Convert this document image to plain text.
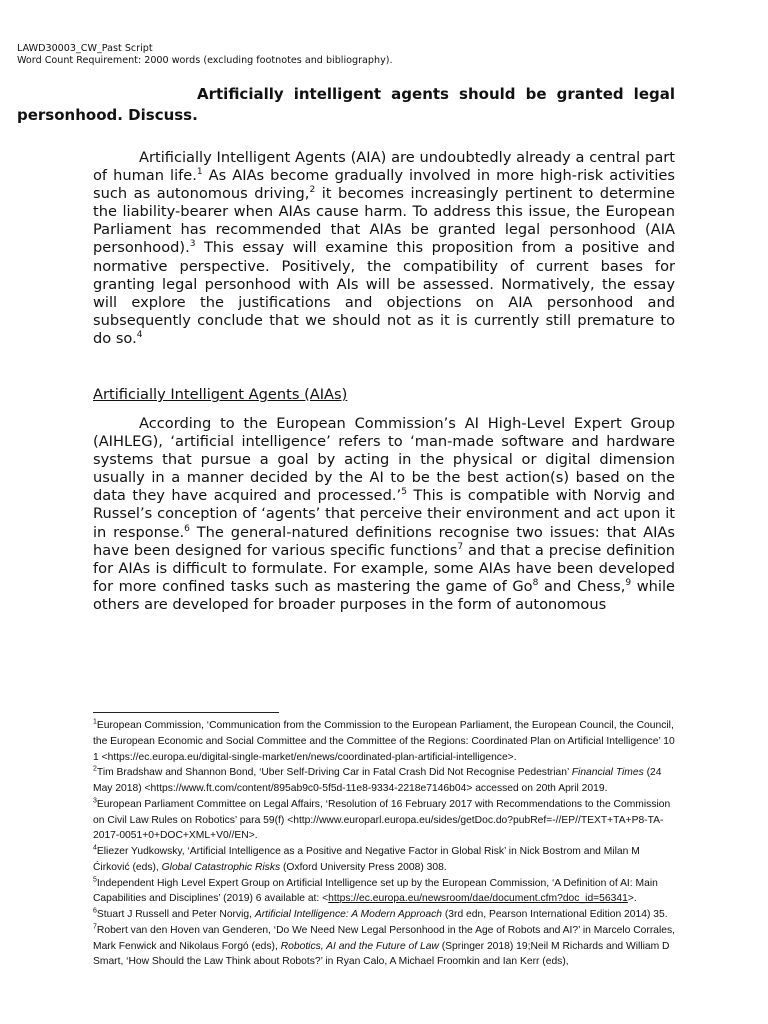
LAWD30003_CW_Past Script
Word Count Requirement: 2000 words (excluding footnotes and bibliography).
Artificially intelligent agents should be granted legal personhood. Discuss.
Artificially Intelligent Agents (AIA) are undoubtedly already a central part of human life.$^1$ As AIAs become gradually involved in more high-risk activities such as autonomous driving,$^2$ it becomes increasingly pertinent to determine the liability-bearer when AIAs cause harm. To address this issue, the European Parliament has recommended that AIAs be granted legal personhood (AIA personhood).$^3$ This essay will examine this proposition from a positive and normative perspective. Positively, the compatibility of current bases for granting legal personhood with AIs will be assessed. Normatively, the essay will explore the justifications and objections on AIA personhood and subsequently conclude that we should not as it is currently still premature to do so.$^4$
Artificially Intelligent Agents (AIAs)
According to the European Commission’s AI High-Level Expert Group (AIHLEG), ‘artificial intelligence’ refers to ‘man-made software and hardware systems that pursue a goal by acting in the physical or digital dimension usually in a manner decided by the AI to be the best action(s) based on the data they have acquired and processed.’$^5$ This is compatible with Norvig and Russel’s conception of ‘agents’ that perceive their environment and act upon it in response.$^6$ The general-natured definitions recognise two issues: that AIAs have been designed for various specific functions$^7$ and that a precise definition for AIAs is difficult to formulate. For example, some AIAs have been developed for more confined tasks such as mastering the game of Go$^8$ and Chess,$^9$ while others are developed for broader purposes in the form of autonomous

$^1$European Commission, ‘Communication from the Commission to the European Parliament, the European Council, the Council, the European Economic and Social Committee and the Committee of the Regions: Coordinated Plan on Artificial Intelligence’ 10 1 <https://ec.europa.eu/digital-single-market/en/news/coordinated-plan-artificial-intelligence>.

$^2$Tim Bradshaw and Shannon Bond, ‘Uber Self-Driving Car in Fatal Crash Did Not Recognise Pedestrian’ Financial Times (24 May 2018) <https://www.ft.com/content/895ab9c0-5f5d-11e8-9334-2218e7146b04> accessed on 20th April 2019.

$^3$European Parliament Committee on Legal Affairs, ‘Resolution of 16 February 2017 with Recommendations to the Commission on Civil Law Rules on Robotics’ para 59(f) <http://www.europarl.europa.eu/sides/getDoc.do?pubRef=-//EP//TEXT+TA+P8-TA-2017-0051+0+DOC+XML+V0//EN>.

$^4$Eliezer Yudkowsky, ‘Artificial Intelligence as a Positive and Negative Factor in Global Risk’ in Nick Bostrom and Milan M Ćirković (eds), Global Catastrophic Risks (Oxford University Press 2008) 308.

$^5$Independent High Level Expert Group on Artificial Intelligence set up by the European Commission, ‘A Definition of AI: Main Capabilities and Disciplines’ (2019) 6 available at: <https://ec.europa.eu/newsroom/dae/document.cfm?doc_id=56341>.

$^6$Stuart J Russell and Peter Norvig, Artificial Intelligence: A Modern Approach (3rd edn, Pearson International Edition 2014) 35.

$^7$Robert van den Hoven van Genderen, ‘Do We Need New Legal Personhood in the Age of Robots and AI?’ in Marcelo Corrales, Mark Fenwick and Nikolaus Forgó (eds), Robotics, AI and the Future of Law (Springer 2018) 19;Neil M Richards and William D Smart, ‘How Should the Law Think about Robots?’ in Ryan Calo, A Michael Froomkin and Ian Kerr (eds),
